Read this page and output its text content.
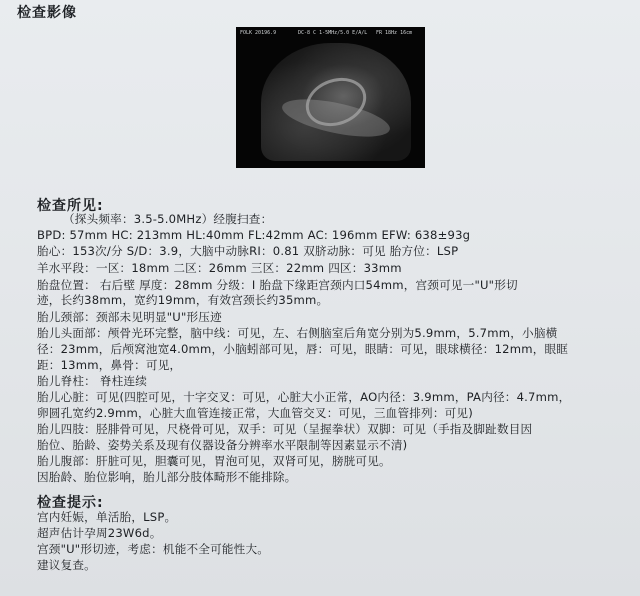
检查影像
FOLK 20196.9	DC-8 C 1-5MHz/5.0 E/A/L FR 18Hz 16cm
检查所见:
（探头频率：3.5-5.0MHz）经腹扫查：
BPD: 57mm HC: 213mm HL:40mm FL:42mm AC: 196mm EFW: 638±93g
胎心：153次/分 S/D：3.9，大脑中动脉RI：0.81 双脐动脉：可见 胎方位：LSP
羊水平段：一区：18mm 二区：26mm 三区：22mm 四区：33mm
胎盘位置： 右后壁 厚度：28mm 分级：I 胎盘下缘距宫颈内口54mm，宫颈可见一"U"形切
迹，长约38mm，宽约19mm，有效宫颈长约35mm。
胎儿颈部：颈部未见明显"U"形压迹
胎儿头面部：颅骨光环完整，脑中线：可见，左、右侧脑室后角宽分别为5.9mm，5.7mm，小脑横
径：23mm，后颅窝池宽4.0mm，小脑蚓部可见，唇：可见，眼睛：可见，眼球横径：12mm，眼眶
距：13mm，鼻骨：可见，
胎儿脊柱： 脊柱连续
胎儿心脏：可见(四腔可见，十字交叉：可见，心脏大小正常，AO内径：3.9mm，PA内径：4.7mm，
卵圆孔宽约2.9mm，心脏大血管连接正常，大血管交叉：可见，三血管排列：可见)
胎儿四肢：胫腓骨可见，尺桡骨可见，双手：可见（呈握拳状）双脚：可见（手指及脚趾数目因
胎位、胎龄、姿势关系及现有仪器设备分辨率水平限制等因素显示不清)
胎儿腹部：肝脏可见，胆囊可见，胃泡可见，双肾可见，膀胱可见。
因胎龄、胎位影响，胎儿部分肢体畸形不能排除。
检查提示:
宫内妊娠，单活胎，LSP。
超声估计孕周23W6d。
宫颈"U"形切迹，考虑：机能不全可能性大。
建议复查。
